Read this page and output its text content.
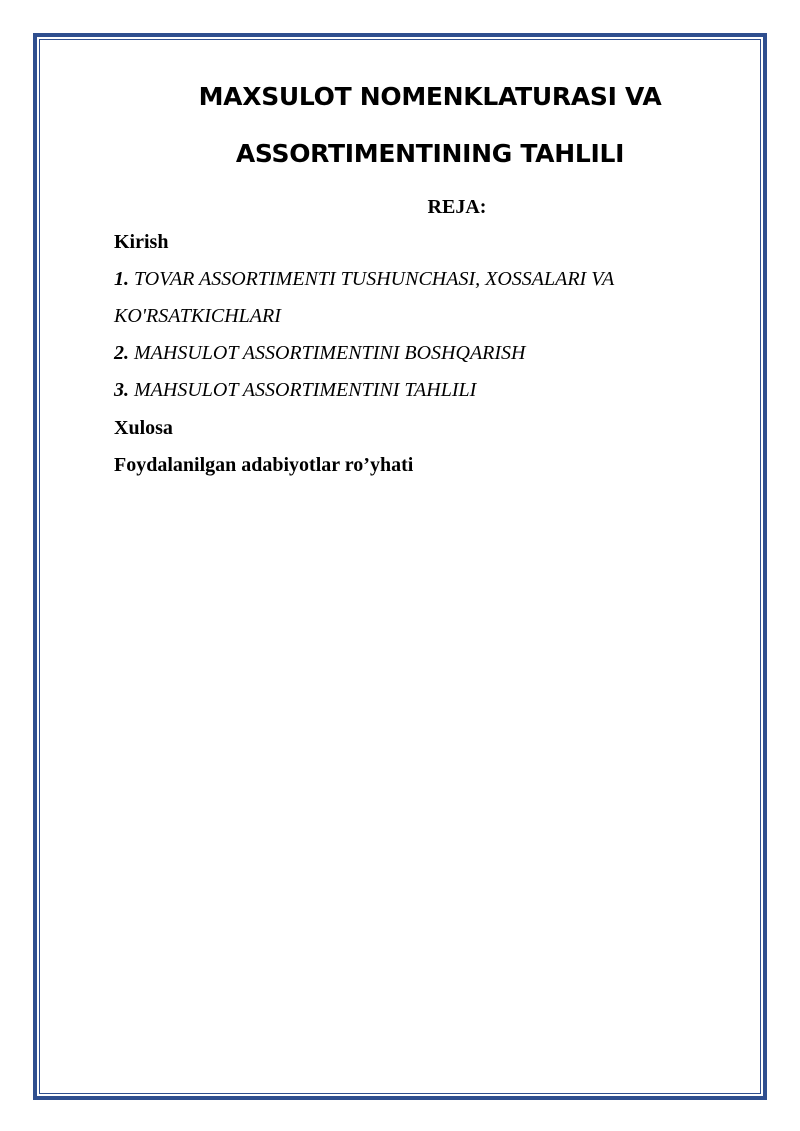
MAXSULOT NOMENKLATURASI VA
ASSORTIMENTINING TAHLILI
REJA:
Kirish
1. TOVAR ASSORTIMENTI TUSHUNCHASI, XOSSALARI VA
KO'RSATKICHLARI
2. MAHSULOT ASSORTIMENTINI BOSHQARISH
3. MAHSULOT ASSORTIMENTINI TAHLILI
Xulosa
Foydalanilgan adabiyotlar ro’yhati
